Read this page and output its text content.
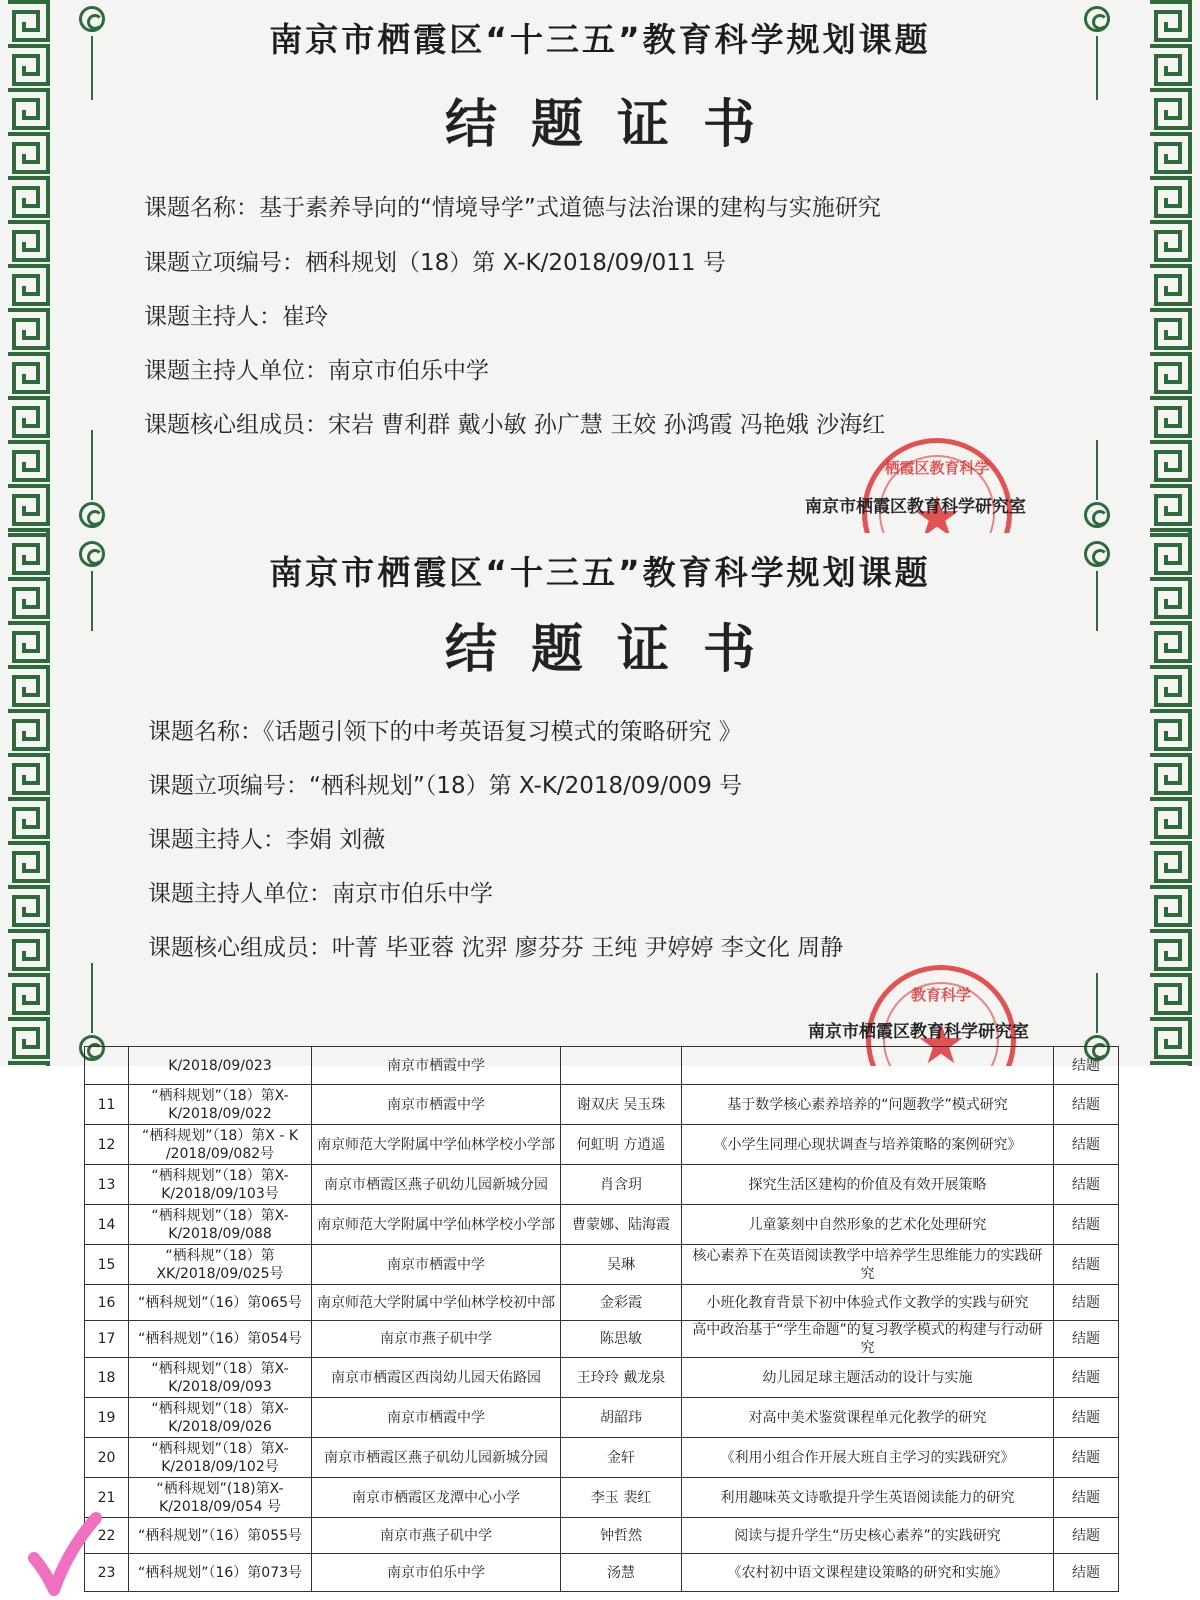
南京市栖霞区“十三五”教育科学规划课题
结题证书
课题名称：基于素养导向的“情境导学”式道德与法治课的建构与实施研究
课题立项编号：栖科规划（18）第 X-K/2018/09/011 号
课题主持人：崔玲
课题主持人单位：南京市伯乐中学
课题核心组成员：宋岩 曹利群 戴小敏 孙广慧 王姣 孙鸿霞 冯艳娥 沙海红
栖霞区教育科学
★
南京市栖霞区教育科学研究室
南京市栖霞区“十三五”教育科学规划课题
结题证书
课题名称：《话题引领下的中考英语复习模式的策略研究 》
课题立项编号：“栖科规划”（18）第 X-K/2018/09/009 号
课题主持人：李娟 刘薇
课题主持人单位：南京市伯乐中学
课题核心组成员：叶菁 毕亚蓉 沈羿 廖芬芬 王纯 尹婷婷 李文化 周静
教育科学
★
南京市栖霞区教育科学研究室
	K/2018/09/023	南京市栖霞中学			结题
11	“栖科规划”（18）第X-K/2018/09/022	南京市栖霞中学	谢双庆 吴玉珠	基于数学核心素养培养的“问题教学”模式研究	结题
12	“栖科规划”（18）第X - K /2018/09/082号	南京师范大学附属中学仙林学校小学部	何虹明 方逍遥	《小学生同理心现状调查与培养策略的案例研究》	结题
13	“栖科规划”（18）第X-K/2018/09/103号	南京市栖霞区燕子矶幼儿园新城分园	肖含玥	探究生活区建构的价值及有效开展策略	结题
14	“栖科规划”（18）第X-K/2018/09/088	南京师范大学附属中学仙林学校小学部	曹蒙娜、陆海霞	儿童篆刻中自然形象的艺术化处理研究	结题
15	“栖科规”（18）第 XK/2018/09/025号	南京市栖霞中学	吴琳	核心素养下在英语阅读教学中培养学生思维能力的实践研究	结题
16	“栖科规划”（16）第065号	南京师范大学附属中学仙林学校初中部	金彩霞	小班化教育背景下初中体验式作文教学的实践与研究	结题
17	“栖科规划”（16）第054号	南京市燕子矶中学	陈思敏	高中政治基于“学生命题”的复习教学模式的构建与行动研究	结题
18	“栖科规划”（18）第X-K/2018/09/093	南京市栖霞区西岗幼儿园天佑路园	王玲玲 戴龙泉	幼儿园足球主题活动的设计与实施	结题
19	“栖科规划”（18）第X-K/2018/09/026	南京市栖霞中学	胡韶玮	对高中美术鉴赏课程单元化教学的研究	结题
20	“栖科规划”（18）第X-K/2018/09/102号	南京市栖霞区燕子矶幼儿园新城分园	金轩	《利用小组合作开展大班自主学习的实践研究》	结题
21	“栖科规划”(18)第X-K/2018/09/054 号	南京市栖霞区龙潭中心小学	李玉 裴红	利用趣味英文诗歌提升学生英语阅读能力的研究	结题
22	“栖科规划”（16）第055号	南京市燕子矶中学	钟哲然	阅读与提升学生“历史核心素养”的实践研究	结题
23	“栖科规划”（16）第073号	南京市伯乐中学	汤慧	《农村初中语文课程建设策略的研究和实施》	结题
